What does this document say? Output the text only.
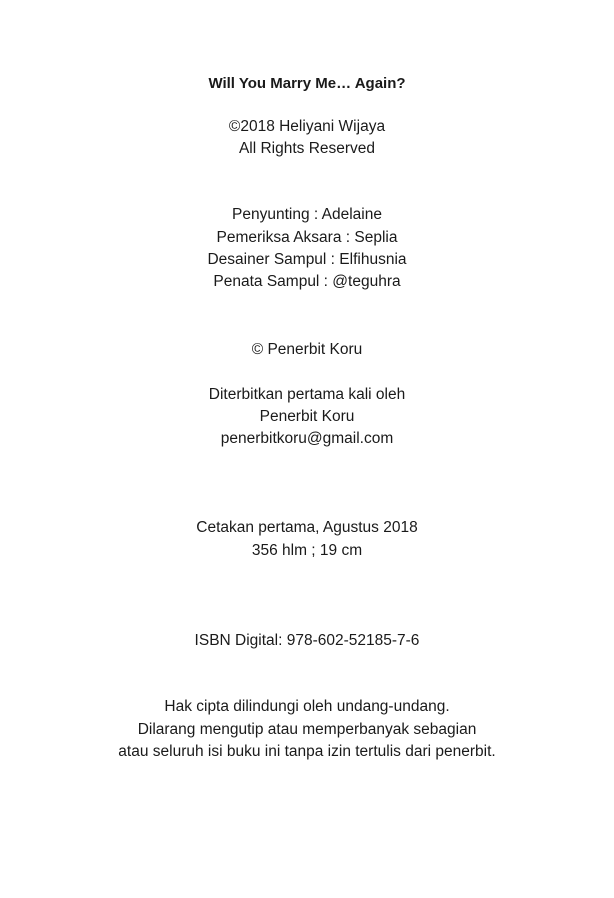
Will You Marry Me… Again?
©2018 Heliyani Wijaya
All Rights Reserved
Penyunting : Adelaine
Pemeriksa Aksara : Seplia
Desainer Sampul : Elfihusnia
Penata Sampul : @teguhra
© Penerbit Koru
Diterbitkan pertama kali oleh
Penerbit Koru
penerbitkoru@gmail.com
Cetakan pertama, Agustus 2018
356 hlm ; 19 cm
ISBN Digital: 978-602-52185-7-6
Hak cipta dilindungi oleh undang-undang.
Dilarang mengutip atau memperbanyak sebagian
atau seluruh isi buku ini tanpa izin tertulis dari penerbit.
